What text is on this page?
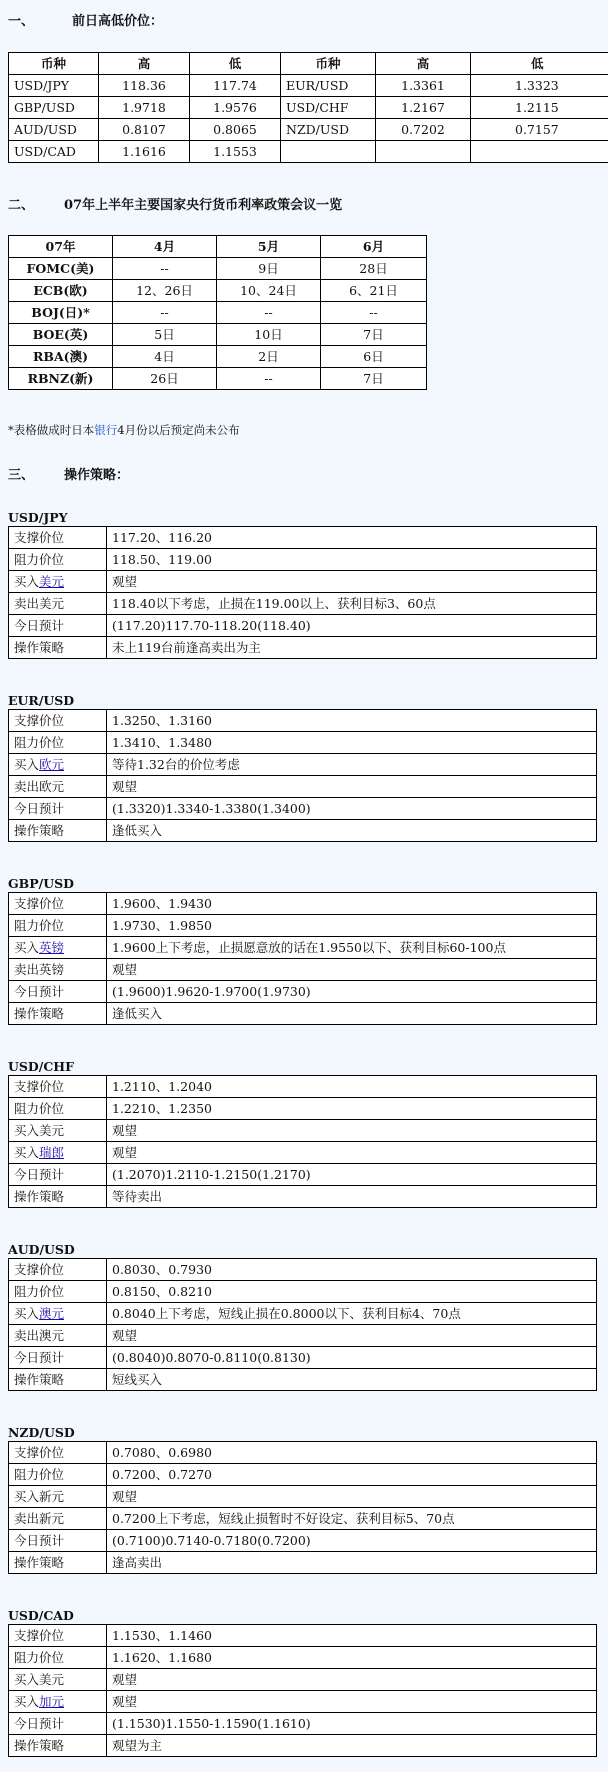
一、	前日高低价位：
币种	高	低	币种	高	低
USD/JPY	118.36	117.74	EUR/USD	1.3361	1.3323
GBP/USD	1.9718	1.9576	USD/CHF	1.2167	1.2115
AUD/USD	0.8107	0.8065	NZD/USD	0.7202	0.7157
USD/CAD	1.1616	1.1553			
二、 07年上半年主要国家央行货币利率政策会议一览
07年	4月	5月	6月
FOMC(美)	--	9日	28日
ECB(欧)	12、26日	10、24日	6、21日
BOJ(日)*	--	--	--
BOE(英)	5日	10日	7日
RBA(澳)	4日	2日	6日
RBNZ(新)	26日	--	7日
*表格做成时日本银行4月份以后预定尚未公布
三、 操作策略：
USD/JPY
支撑价位	117.20、116.20
阻力价位	118.50、119.00
买入美元	观望
卖出美元	118.40以下考虑，止损在119.00以上、获利目标3、60点
今日预计	(117.20)117.70-118.20(118.40)
操作策略	未上119台前逢高卖出为主
EUR/USD
支撑价位	1.3250、1.3160
阻力价位	1.3410、1.3480
买入欧元	等待1.32台的价位考虑
卖出欧元	观望
今日预计	(1.3320)1.3340-1.3380(1.3400)
操作策略	逢低买入
GBP/USD
支撑价位	1.9600、1.9430
阻力价位	1.9730、1.9850
买入英镑	1.9600上下考虑，止损愿意放的话在1.9550以下、获利目标60-100点
卖出英镑	观望
今日预计	(1.9600)1.9620-1.9700(1.9730)
操作策略	逢低买入
USD/CHF
支撑价位	1.2110、1.2040
阻力价位	1.2210、1.2350
买入美元	观望
买入瑞郎	观望
今日预计	(1.2070)1.2110-1.2150(1.2170)
操作策略	等待卖出
AUD/USD
支撑价位	0.8030、0.7930
阻力价位	0.8150、0.8210
买入澳元	0.8040上下考虑，短线止损在0.8000以下、获利目标4、70点
卖出澳元	观望
今日预计	(0.8040)0.8070-0.8110(0.8130)
操作策略	短线买入
NZD/USD
支撑价位	0.7080、0.6980
阻力价位	0.7200、0.7270
买入新元	观望
卖出新元	0.7200上下考虑，短线止损暂时不好设定、获利目标5、70点
今日预计	(0.7100)0.7140-0.7180(0.7200)
操作策略	逢高卖出
USD/CAD
支撑价位	1.1530、1.1460
阻力价位	1.1620、1.1680
买入美元	观望
买入加元	观望
今日预计	(1.1530)1.1550-1.1590(1.1610)
操作策略	观望为主
